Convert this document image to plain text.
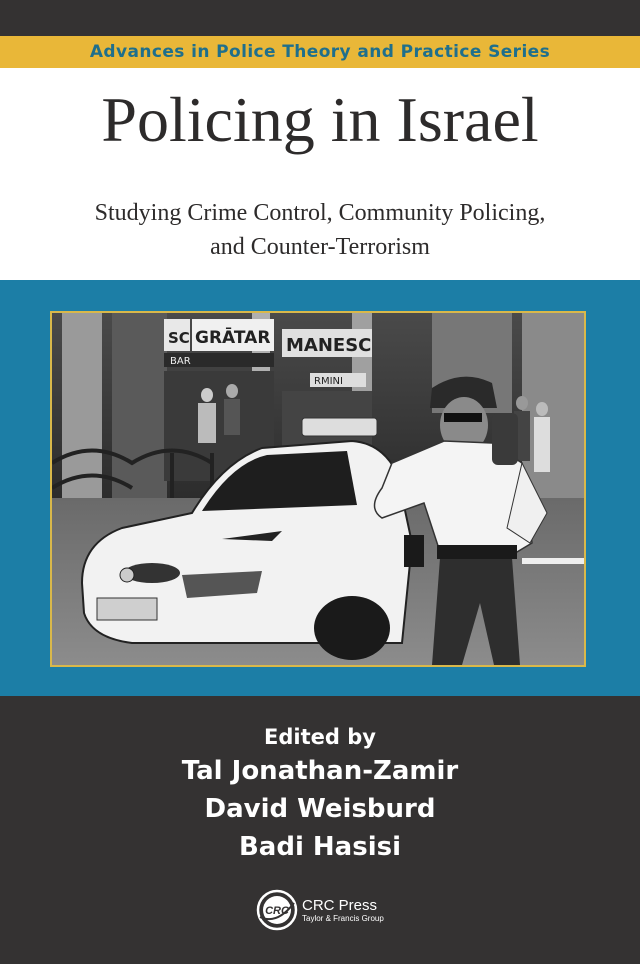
Advances in Police Theory and Practice Series
Policing in Israel
Studying Crime Control, Community Policing,
and Counter-Terrorism
SC GRĀTAR MANESC
BAR
RMINI
Edited by
Tal Jonathan-Zamir
David Weisburd
Badi Hasisi
CRC CRC Press
Taylor & Francis Group
